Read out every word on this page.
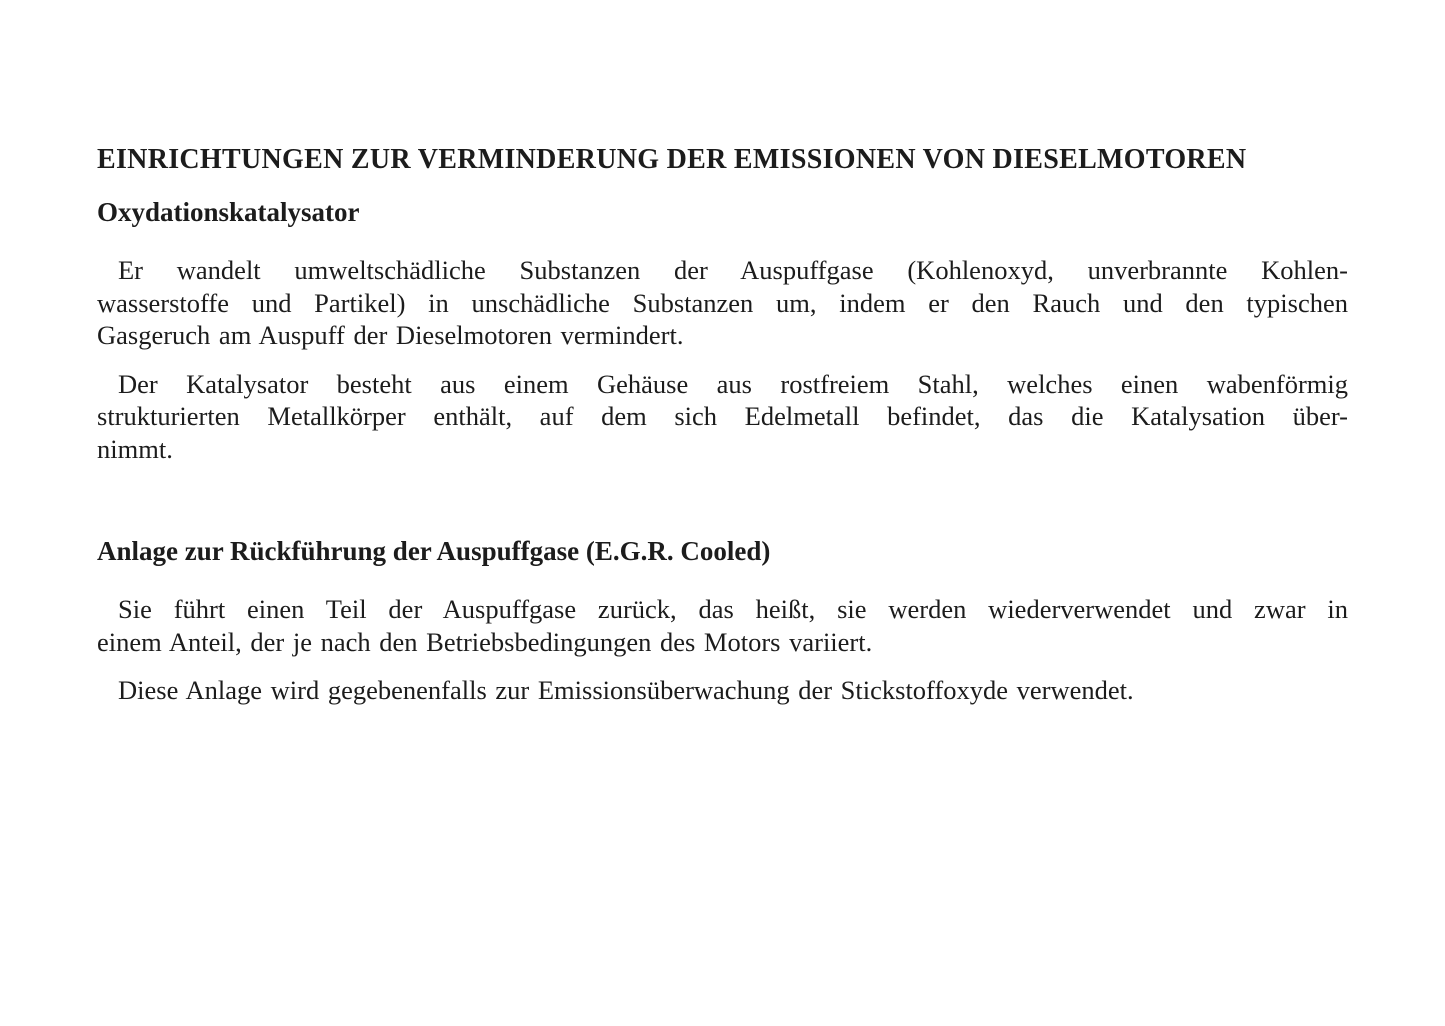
EINRICHTUNGEN ZUR VERMINDERUNG DER EMISSIONEN VON DIESELMOTOREN
Oxydationskatalysator
Er wandelt umweltschädliche Substanzen der Auspuffgase (Kohlenoxyd, unverbrannte Kohlen-
wasserstoffe und Partikel) in unschädliche Substanzen um, indem er den Rauch und den typischen
Gasgeruch am Auspuff der Dieselmotoren vermindert.
Der Katalysator besteht aus einem Gehäuse aus rostfreiem Stahl, welches einen wabenförmig
strukturierten Metallkörper enthält, auf dem sich Edelmetall befindet, das die Katalysation über-
nimmt.
Anlage zur Rückführung der Auspuffgase (E.G.R. Cooled)
Sie führt einen Teil der Auspuffgase zurück, das heißt, sie werden wiederverwendet und zwar in
einem Anteil, der je nach den Betriebsbedingungen des Motors variiert.
Diese Anlage wird gegebenenfalls zur Emissionsüberwachung der Stickstoffoxyde verwendet.
